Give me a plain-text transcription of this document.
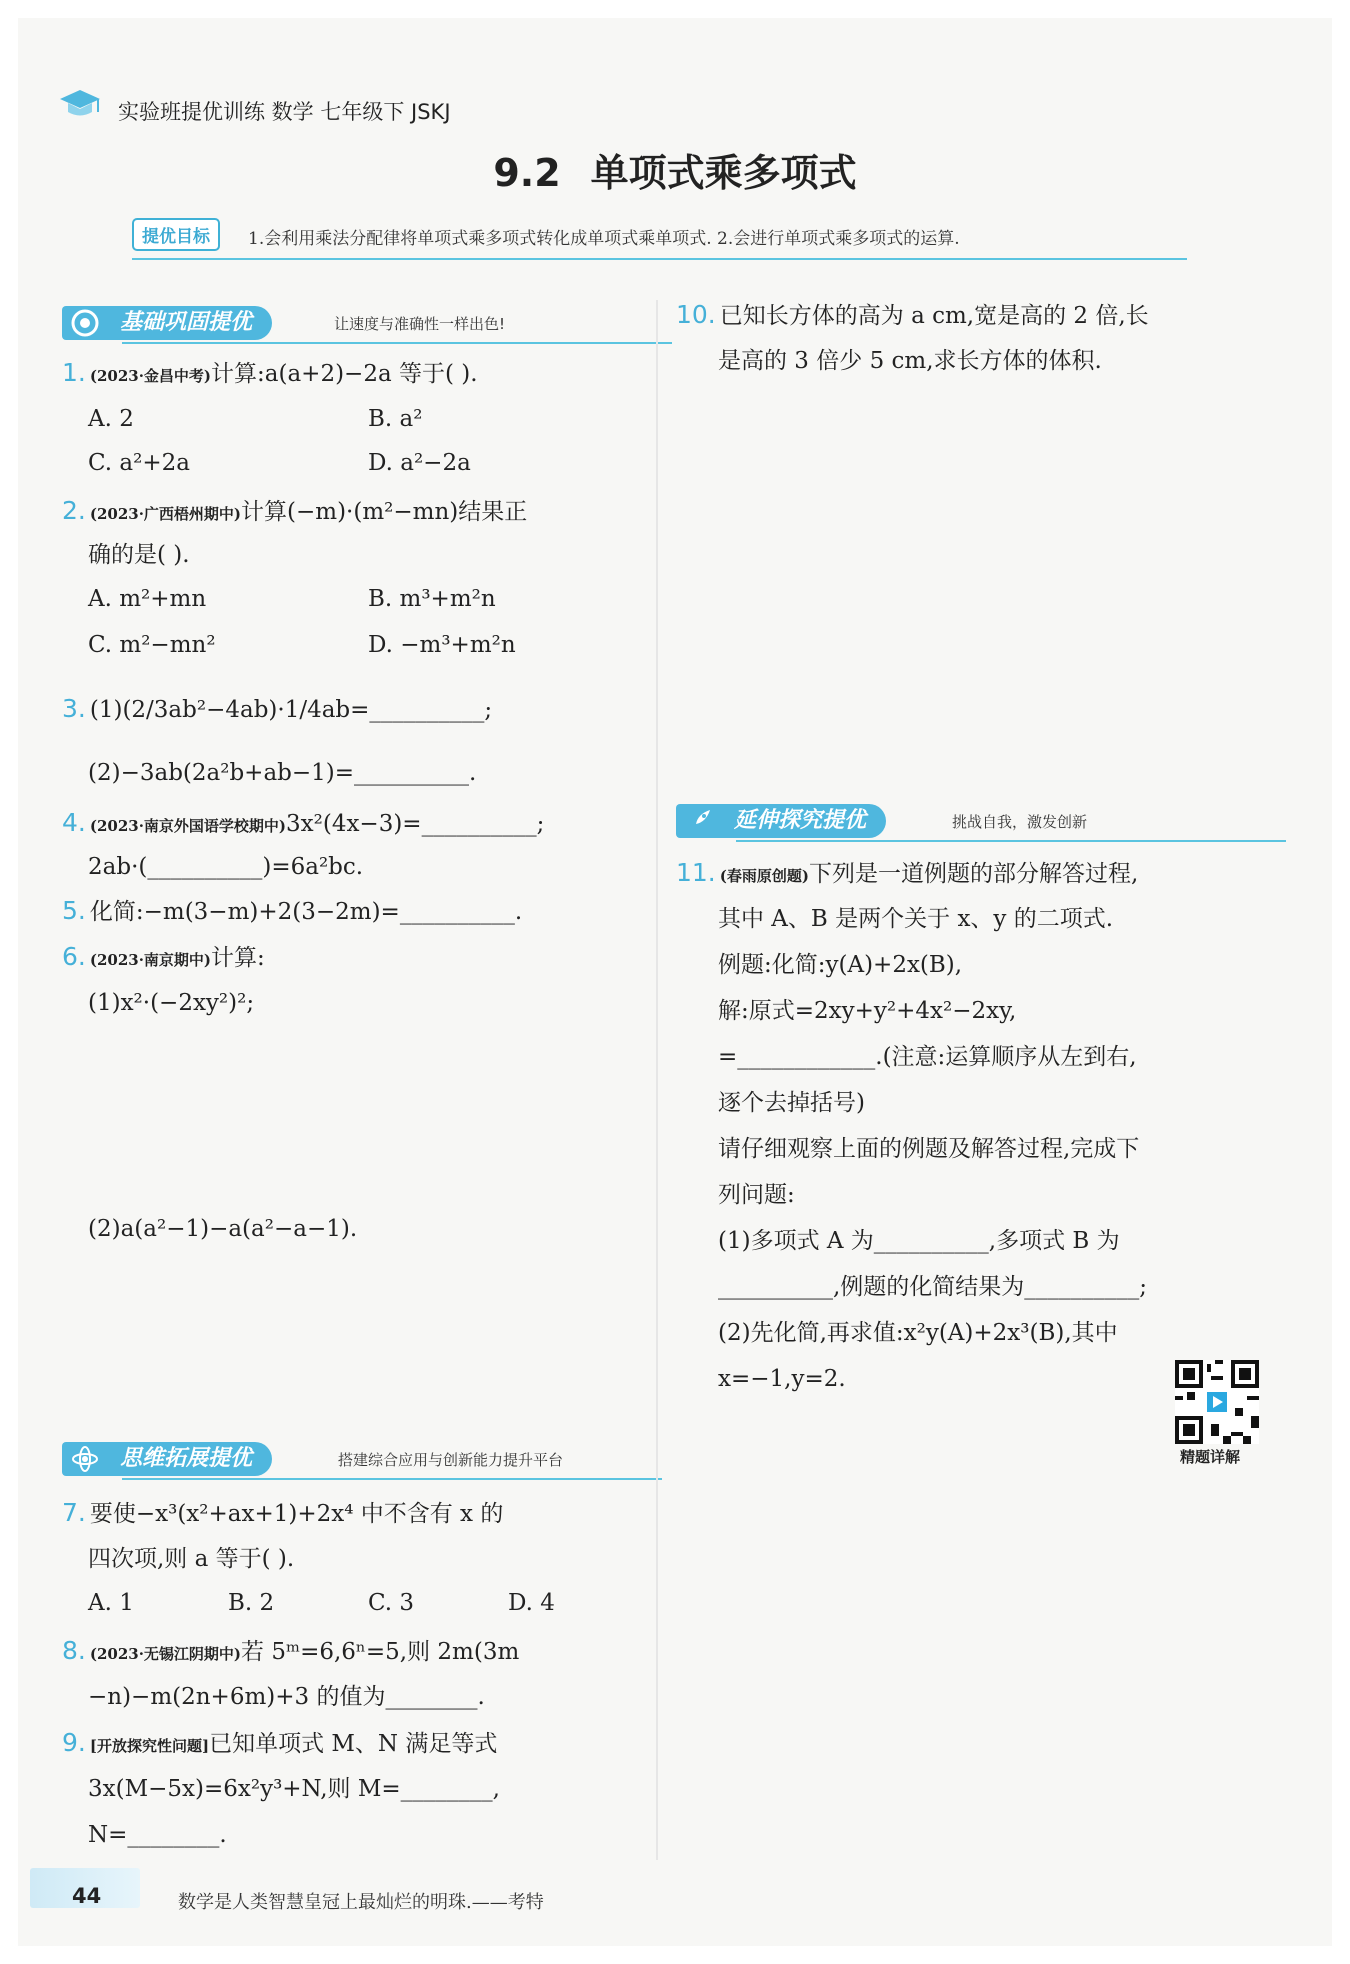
实验班提优训练 数学 七年级下 JSKJ
9.2 单项式乘多项式
提优目标	1.会利用乘法分配律将单项式乘多项式转化成单项式乘单项式. 2.会进行单项式乘多项式的运算.
基础巩固提优	让速度与准确性一样出色!
1. (2023·金昌中考)计算:a(a+2)−2a 等于( ).
A. 2	B. a²
C. a²+2a	D. a²−2a
2. (2023·广西梧州期中)计算(−m)·(m²−mn)结果正
确的是( ).
A. m²+mn	B. m³+m²n
C. m²−mn²	D. −m³+m²n
3. (1)(2/3ab²−4ab)·1/4ab=__________;
(2)−3ab(2a²b+ab−1)=__________.
4. (2023·南京外国语学校期中)3x²(4x−3)=__________;
2ab·(__________)=6a²bc.
5. 化简:−m(3−m)+2(3−2m)=__________.
6. (2023·南京期中)计算:
(1)x²·(−2xy²)²;
(2)a(a²−1)−a(a²−a−1).
思维拓展提优	搭建综合应用与创新能力提升平台
7. 要使−x³(x²+ax+1)+2x⁴ 中不含有 x 的
四次项,则 a 等于( ).
A. 1	B. 2	C. 3	D. 4
8. (2023·无锡江阴期中)若 5ᵐ=6,6ⁿ=5,则 2m(3m
−n)−m(2n+6m)+3 的值为________.
9. [开放探究性问题]已知单项式 M、N 满足等式
3x(M−5x)=6x²y³+N,则 M=________,
N=________.
10. 已知长方体的高为 a cm,宽是高的 2 倍,长
是高的 3 倍少 5 cm,求长方体的体积.
延伸探究提优	挑战自我，激发创新
11. (春雨原创题)下列是一道例题的部分解答过程,
其中 A、B 是两个关于 x、y 的二项式.
例题:化简:y(A)+2x(B),
解:原式=2xy+y²+4x²−2xy,
=____________.(注意:运算顺序从左到右,
逐个去掉括号)
请仔细观察上面的例题及解答过程,完成下
列问题:
(1)多项式 A 为__________,多项式 B 为
__________,例题的化简结果为__________;
(2)先化简,再求值:x²y(A)+2x³(B),其中
x=−1,y=2.
精题详解
44	数学是人类智慧皇冠上最灿烂的明珠.——考特
